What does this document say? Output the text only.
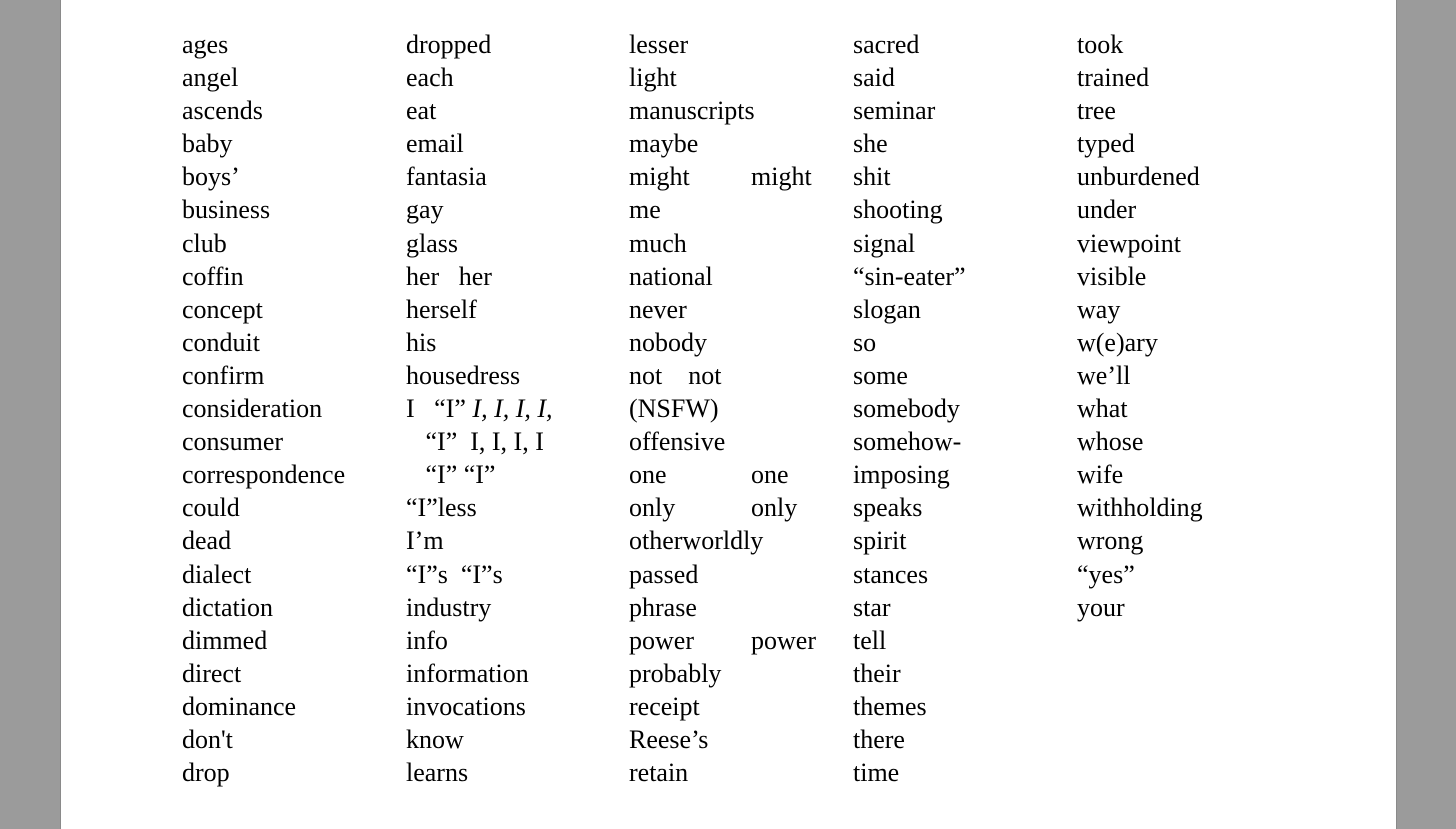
ages
angel
ascends
baby
boys’
business
club
coffin
concept
conduit
confirm
consideration
consumer
correspondence
could
dead
dialect
dictation
dimmed
direct
dominance
don't
drop
dropped
each
eat
email
fantasia
gay
glass
her   her
herself
his
housedress
I   “I” I, I, I, I,
“I”  I, I, I, I
“I” “I”
“I”less
I’m
“I”s  “I”s
industry
info
information
invocations
know
learns
lesser
light
manuscripts
maybe
might might
me
much
national
never
nobody
not    not
(NSFW)
offensive
one	one
only	only
otherworldly
passed
phrase
power power
probably
receipt
Reese’s
retain
sacred
said
seminar
she
shit
shooting
signal
“sin-eater”
slogan
so
some
somebody
somehow-
imposing
speaks
spirit
stances
star
tell
their
themes
there
time
took
trained
tree
typed
unburdened
under
viewpoint
visible
way
w(e)ary
we’ll
what
whose
wife
withholding
wrong
“yes”
your
